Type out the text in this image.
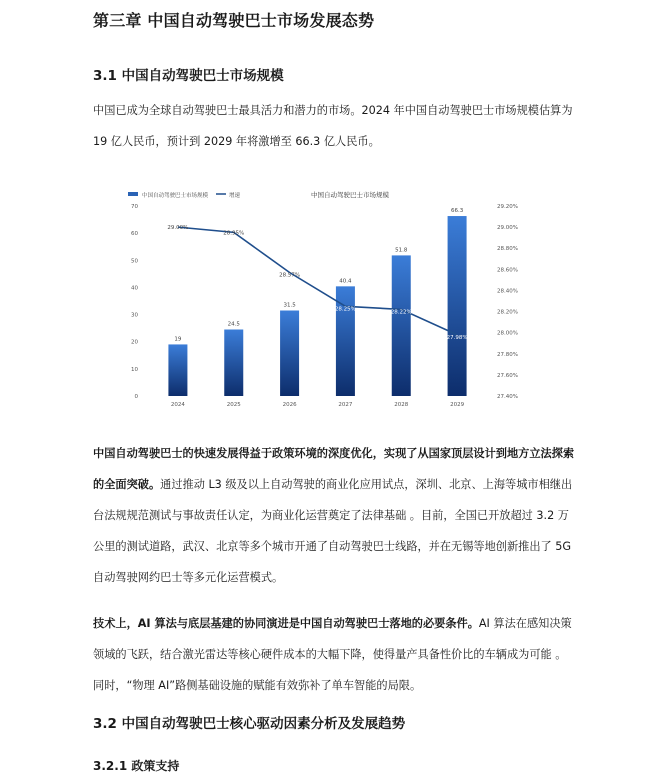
第三章 中国自动驾驶巴士市场发展态势
3.1 中国自动驾驶巴士市场规模

中国已成为全球自动驾驶巴士最具活力和潜力的市场。2024 年中国自动驾驶巴士市场规模估算为 19 亿人民币，预计到 2029 年将激增至 66.3 亿人民币。

中国自动驾驶巴士市场规模	增速	中国自动驾驶巴士市场规模
0
10
20
30
40
50
60
70
27.40%
27.60%
27.80%
28.00%
28.20%
28.40%
28.60%
28.80%
29.00%
29.20%
19
24.5
31.5
40.4
51.8
66.3
2024	2025	2026	2027	2028	2029
29.00%
28.95%
28.57%
28.25%
28.22%
27.98%

中国自动驾驶巴士的快速发展得益于政策环境的深度优化，实现了从国家顶层设计到地方立法探索的全面突破。通过推动 L3 级及以上自动驾驶的商业化应用试点，深圳、北京、上海等城市相继出台法规规范测试与事故责任认定，为商业化运营奠定了法律基础 。目前，全国已开放超过 3.2 万公里的测试道路，武汉、北京等多个城市开通了自动驾驶巴士线路，并在无锡等地创新推出了 5G 自动驾驶网约巴士等多元化运营模式。

技术上，AI 算法与底层基建的协同演进是中国自动驾驶巴士落地的必要条件。AI 算法在感知决策领域的飞跃，结合激光雷达等核心硬件成本的大幅下降，使得量产具备性价比的车辆成为可能 。同时，“物理 AI”路侧基础设施的赋能有效弥补了单车智能的局限。

3.2 中国自动驾驶巴士核心驱动因素分析及发展趋势
3.2.1 政策支持
